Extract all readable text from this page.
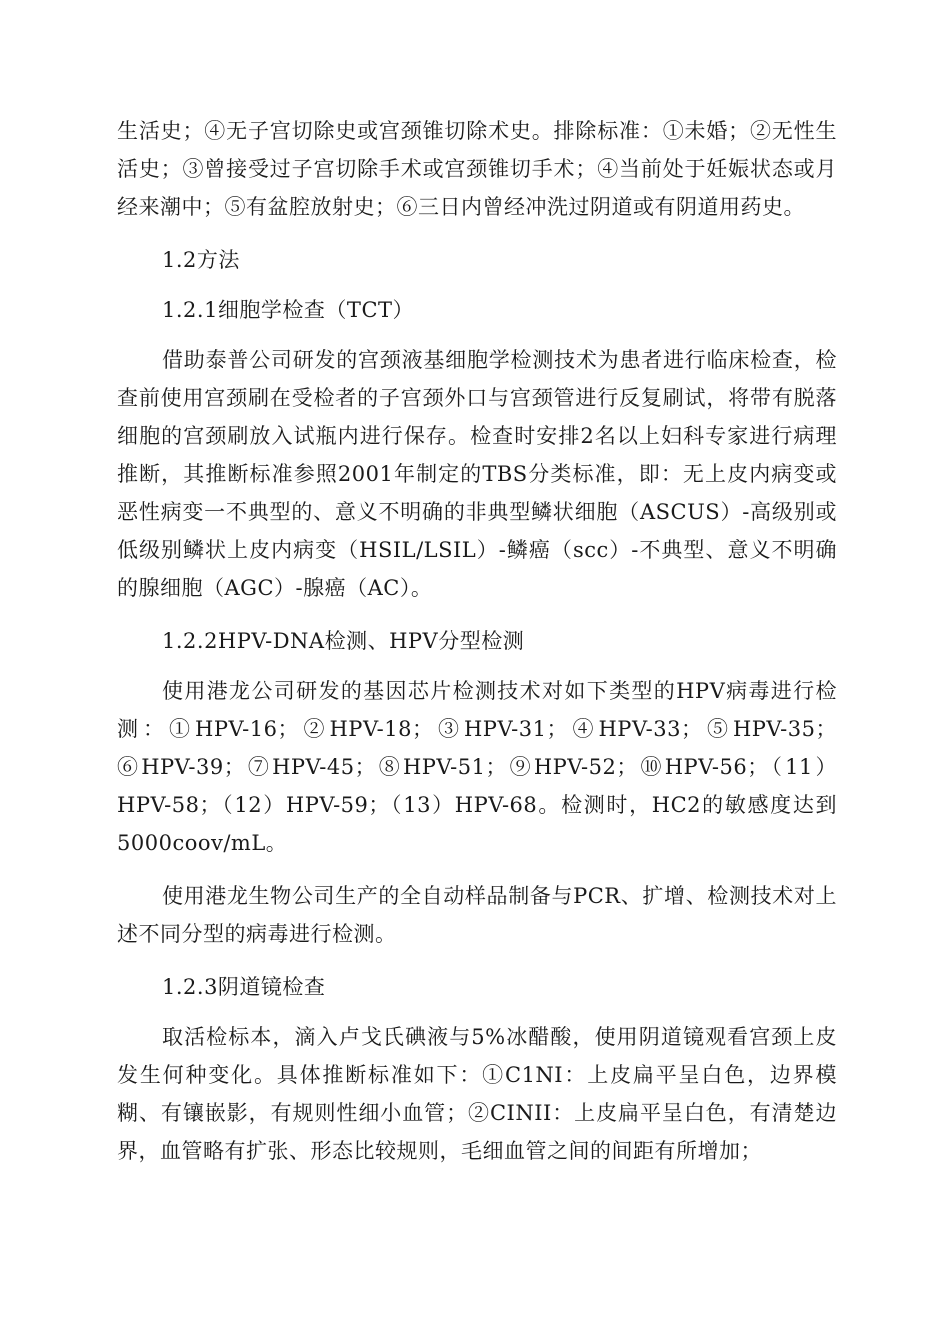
生活史；④无子宫切除史或宫颈锥切除术史。排除标准：①未婚；②无性生活史；③曾接受过子宫切除手术或宫颈锥切手术；④当前处于妊娠状态或月经来潮中；⑤有盆腔放射史；⑥三日内曾经冲洗过阴道或有阴道用药史。

1.2方法

1.2.1细胞学检查（TCT）

借助泰普公司研发的宫颈液基细胞学检测技术为患者进行临床检查，检查前使用宫颈刷在受检者的子宫颈外口与宫颈管进行反复刷试，将带有脱落细胞的宫颈刷放入试瓶内进行保存。检查时安排2名以上妇科专家进行病理推断，其推断标准参照2001年制定的TBS分类标准，即：无上皮内病变或恶性病变一不典型的、意义不明确的非典型鳞状细胞（ASCUS）-高级别或低级别鳞状上皮内病变（HSIL/LSIL）-鳞癌（scc）-不典型、意义不明确的腺细胞（AGC）-腺癌（AC）。

1.2.2HPV-DNA检测、HPV分型检测

使用港龙公司研发的基因芯片检测技术对如下类型的HPV病毒进行检测：①HPV-16；②HPV-18；③HPV-31；④HPV-33；⑤HPV-35；⑥HPV-39；⑦HPV-45；⑧HPV-51；⑨HPV-52；⑩HPV-56；（11）HPV-58；（12）HPV-59；（13）HPV-68。检测时，HC2的敏感度达到5000coov/mL。

使用港龙生物公司生产的全自动样品制备与PCR、扩增、检测技术对上述不同分型的病毒进行检测。

1.2.3阴道镜检查

取活检标本，滴入卢戈氏碘液与5%冰醋酸，使用阴道镜观看宫颈上皮发生何种变化。具体推断标准如下：①C1NI：上皮扁平呈白色，边界模糊、有镶嵌影，有规则性细小血管；②CINII：上皮扁平呈白色，有清楚边界，血管略有扩张、形态比较规则，毛细血管之间的间距有所增加；
